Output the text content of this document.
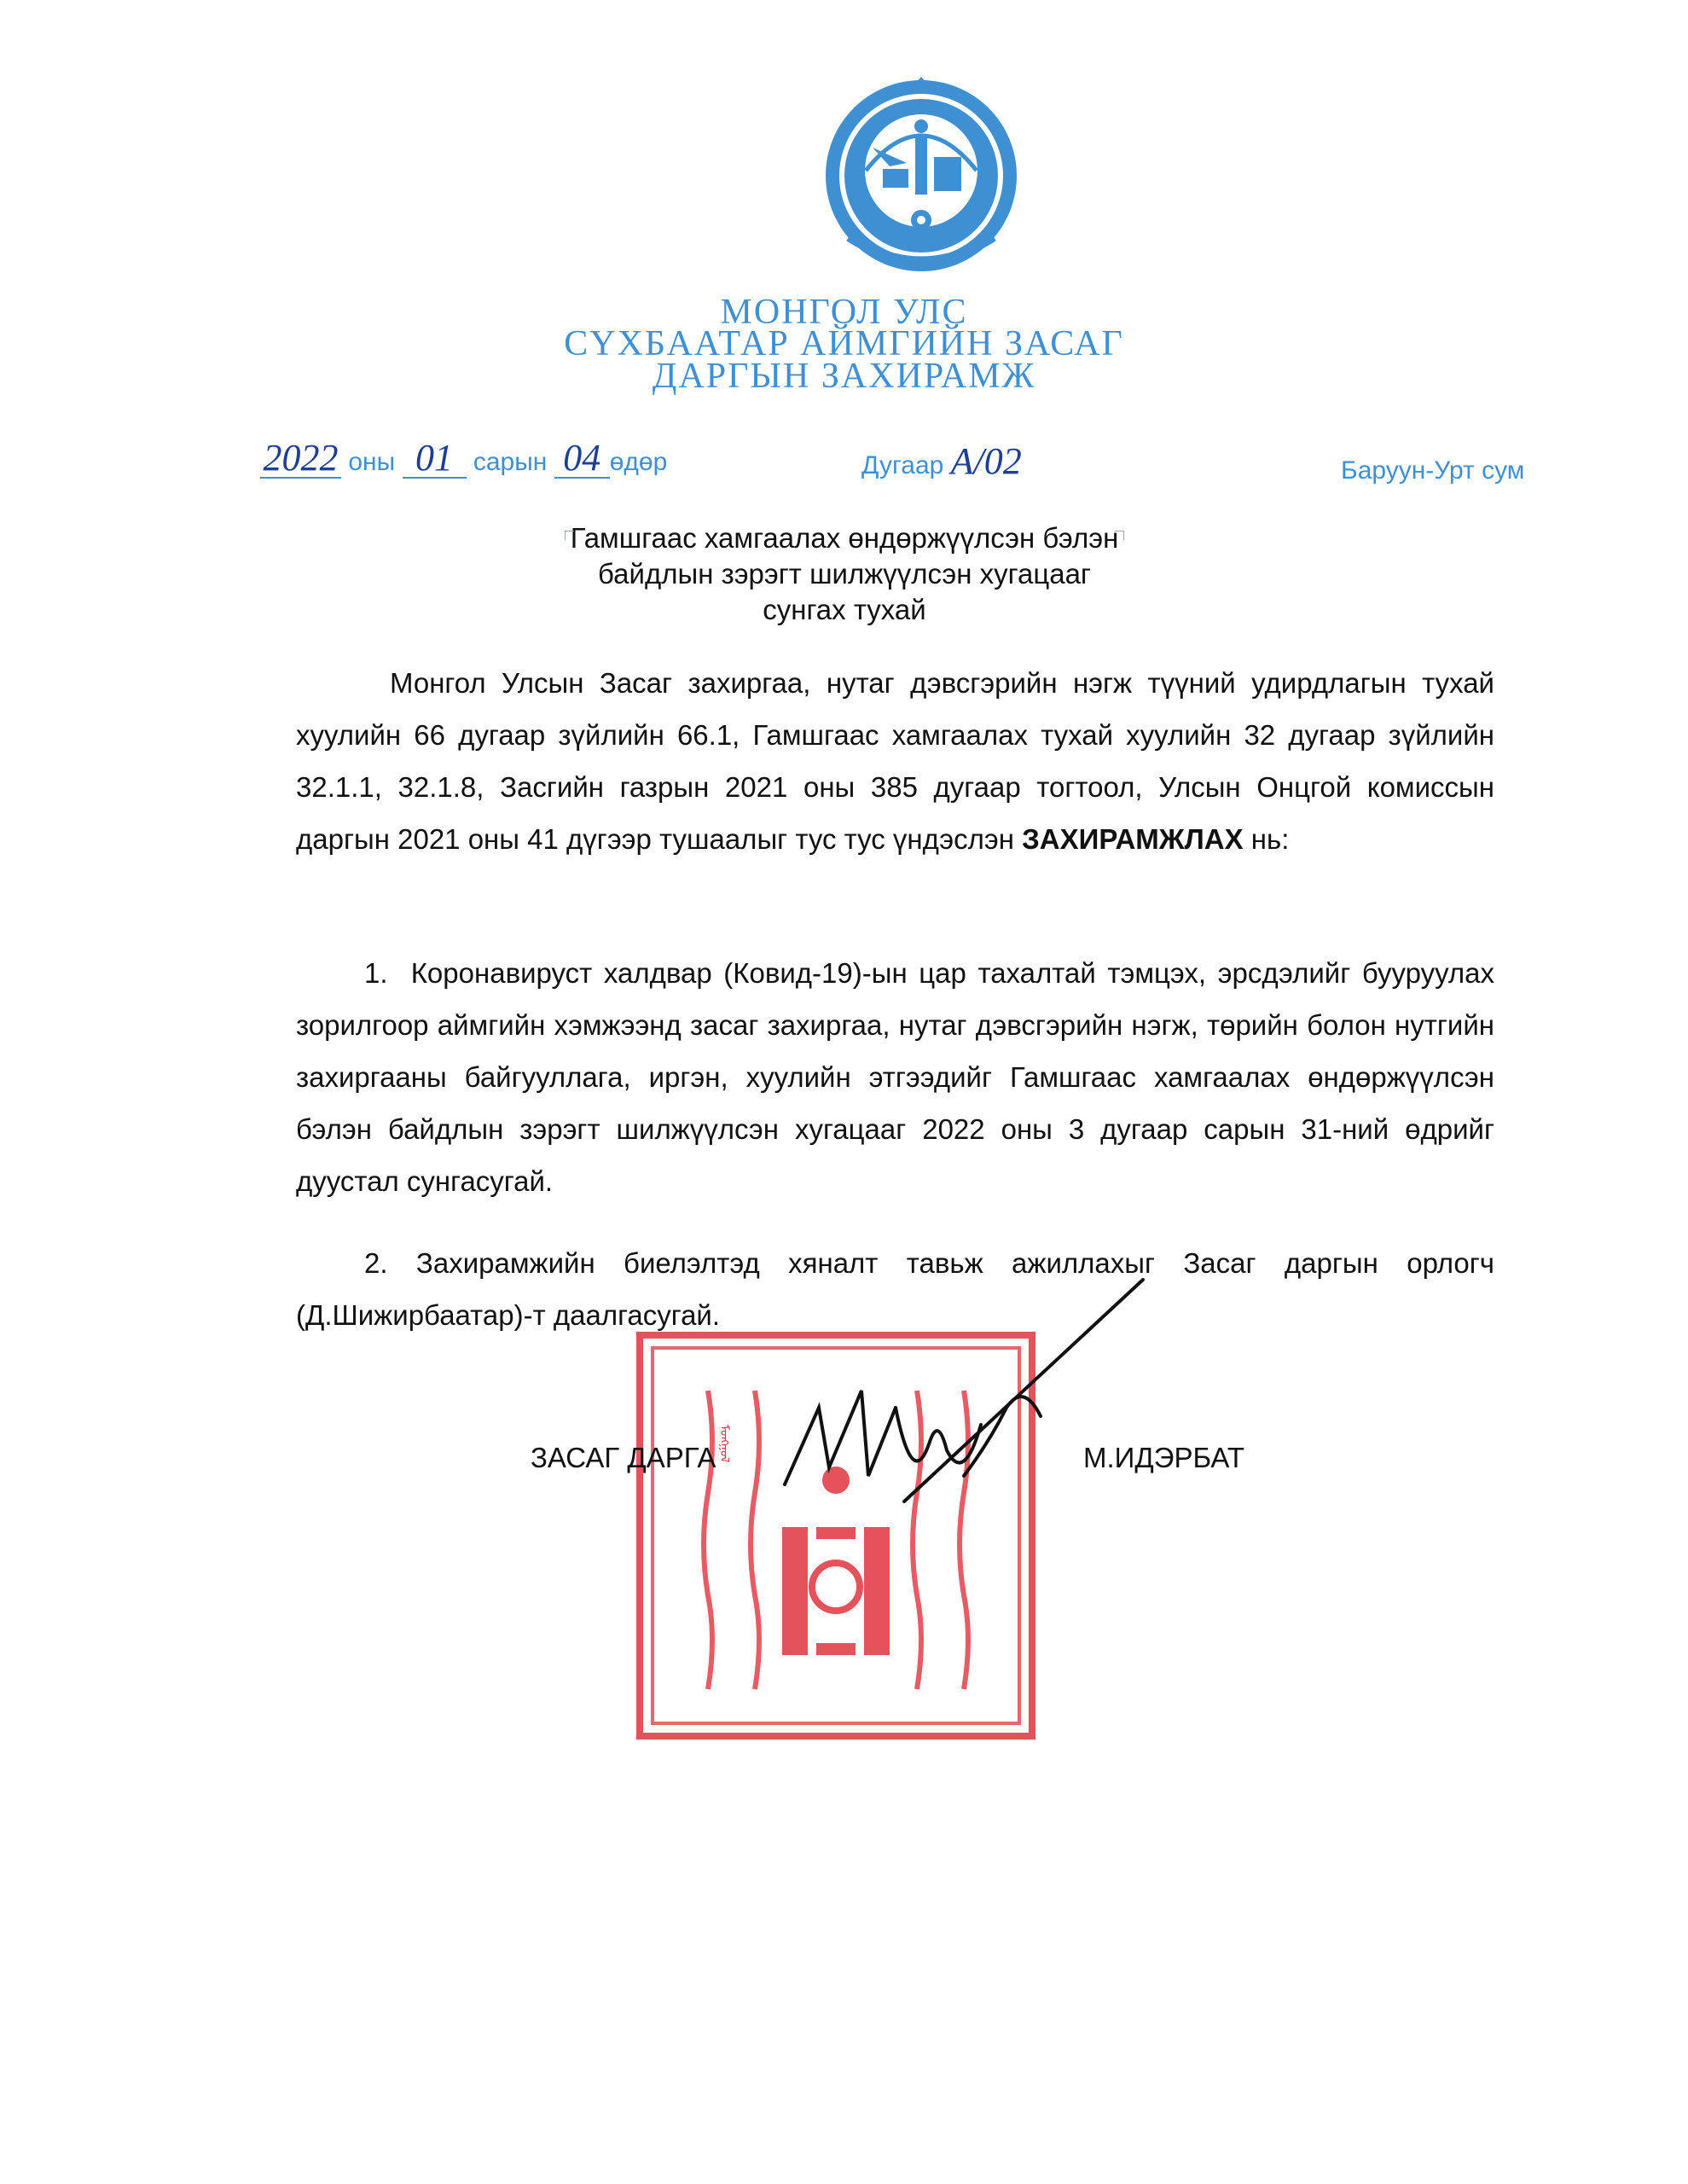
МОНГОЛ УЛС
СҮХБААТАР АЙМГИЙН ЗАСАГ
ДАРГЫН ЗАХИРАМЖ
2022 оны 01 сарын 04 өдөр	Дугаар А/02	Баруун-Урт сум
Гамшгаас хамгаалах өндөржүүлсэн бэлэн
байдлын зэрэгт шилжүүлсэн хугацааг
сунгах тухай
Монгол Улсын Засаг захиргаа, нутаг дэвсгэрийн нэгж түүний удирдлагын тухай хуулийн 66 дугаар зүйлийн 66.1, Гамшгаас хамгаалах тухай хуулийн 32 дугаар зүйлийн 32.1.1, 32.1.8, Засгийн газрын 2021 оны 385 дугаар тогтоол, Улсын Онцгой комиссын даргын 2021 оны 41 дүгээр тушаалыг тус тус үндэслэн ЗАХИРАМЖЛАХ нь:
1. Коронавируст халдвар (Ковид-19)-ын цар тахалтай тэмцэх, эрсдэлийг бууруулах зорилгоор аймгийн хэмжээнд засаг захиргаа, нутаг дэвсгэрийн нэгж, төрийн болон нутгийн захиргааны байгууллага, иргэн, хуулийн этгээдийг Гамшгаас хамгаалах өндөржүүлсэн бэлэн байдлын зэрэгт шилжүүлсэн хугацааг 2022 оны 3 дугаар сарын 31-ний өдрийг дуустал сунгасугай.
2. Захирамжийн биелэлтэд хяналт тавьж ажиллахыг Засаг даргын орлогч (Д.Шижирбаатар)-т даалгасугай.
ᠮᠣᠩᠭᠣᠯ
ЗАСАГ ДАРГА	М.ИДЭРБАТ
